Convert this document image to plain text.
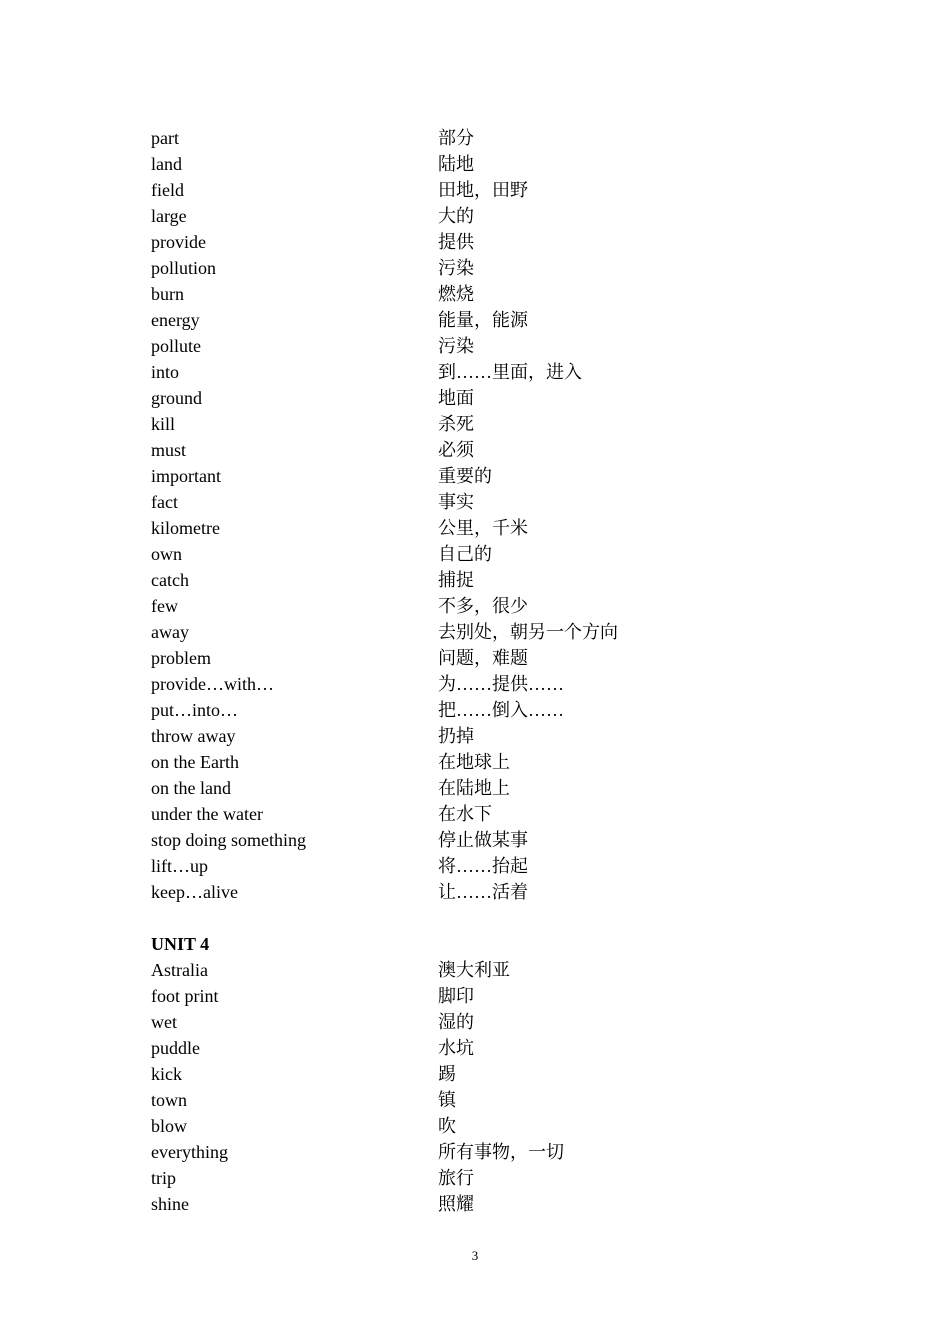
part	部分
land	陆地
field	田地，田野
large	大的
provide	提供
pollution	污染
burn	燃烧
energy	能量，能源
pollute	污染
into	到……里面，进入
ground	地面
kill	杀死
must	必须
important	重要的
fact	事实
kilometre	公里，千米
own	自己的
catch	捕捉
few	不多，很少
away	去别处，朝另一个方向
problem	问题，难题
provide…with…	为……提供……
put…into…	把……倒入……
throw away	扔掉
on the Earth	在地球上
on the land	在陆地上
under the water	在水下
stop doing something	停止做某事
lift…up	将……抬起
keep…alive	让……活着
UNIT 4
Astralia	澳大利亚
foot print	脚印
wet	湿的
puddle	水坑
kick	踢
town	镇
blow	吹
everything	所有事物，一切
trip	旅行
shine	照耀
3
